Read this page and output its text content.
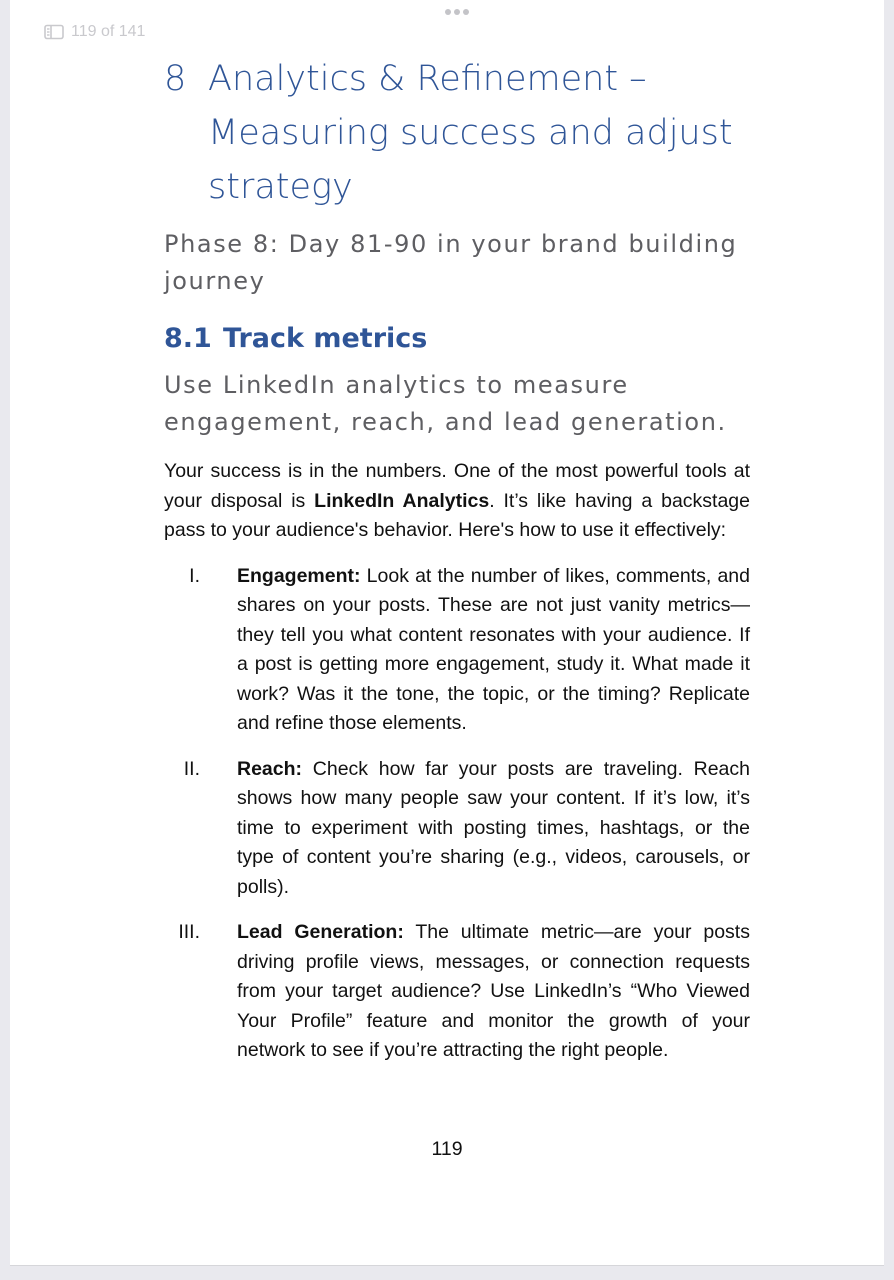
119 of 141
8 Analytics & Refinement – Measuring success and adjust strategy

Phase 8: Day 81-90 in your brand building journey

8.1 Track metrics

Use LinkedIn analytics to measure engagement, reach, and lead generation.

Your success is in the numbers. One of the most powerful tools at your disposal is LinkedIn Analytics. It’s like having a backstage pass to your audience's behavior. Here's how to use it effectively:

I.	Engagement: Look at the number of likes, comments, and shares on your posts. These are not just vanity metrics—they tell you what content resonates with your audience. If a post is getting more engagement, study it. What made it work? Was it the tone, the topic, or the timing? Replicate and refine those elements.
II.	Reach: Check how far your posts are traveling. Reach shows how many people saw your content. If it’s low, it’s time to experiment with posting times, hashtags, or the type of content you’re sharing (e.g., videos, carousels, or polls).
III.	Lead Generation: The ultimate metric—are your posts driving profile views, messages, or connection requests from your target audience? Use LinkedIn’s “Who Viewed Your Profile” feature and monitor the growth of your network to see if you’re attracting the right people.
119
